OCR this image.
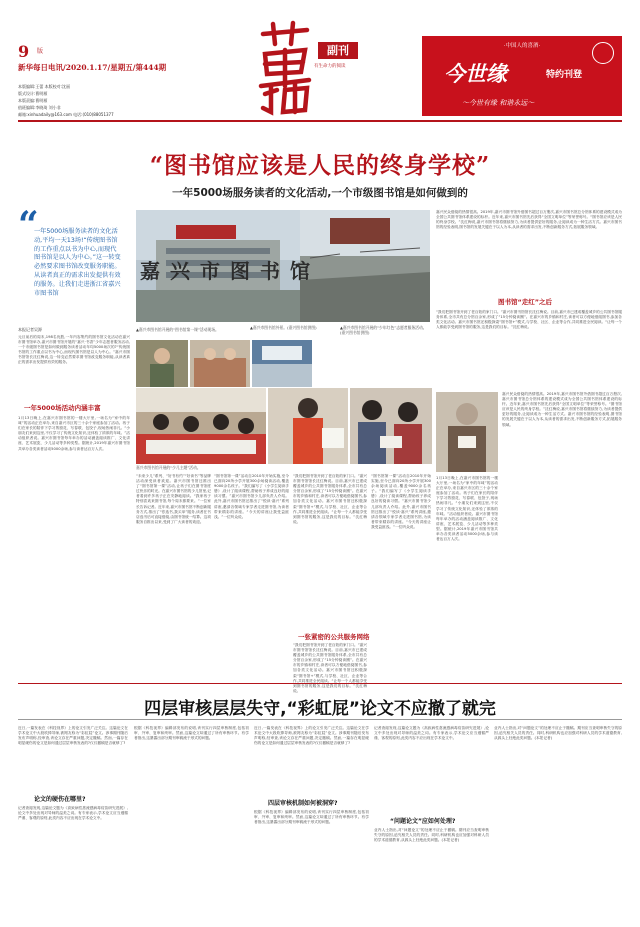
9 版
新华每日电讯/2020.1.17/星期五/第444期
本版编辑:王蕾 本版校对:沈丽
版式设计:曹明雁
本版责编:曹明雁
值班编辑:李晓琦 刘小非
邮箱:xinhuadaily@163.com 电话:(010)88051377
草地
副刊
有生命力的阅读
·中国人的喜酒·
今世缘	特约刊登
～今世有缘 和谐永远～
“图书馆应该是人民的终身学校”
一年5000场服务读者的文化活动,一个市级图书馆是如何做到的
“
一年5000场服务读者的文化活动,平均一天13场!“传统图书馆的工作重点以书为中心,而现代图书馆是以人为中心。”这一转变必然要求图书馆改变服务职能。从读者真正的需求出发提供有效的服务。让我们走进浙江省嘉兴市图书馆
本报记者吴源
元旦前后的周末,198名优胜,一年内容集约的图书馆文化活动在嘉兴市图书馆举办,嘉兴市图书馆开展的“嘉兴·书香”少年志愿者服务活动,一个市级图书馆是如何做到服务读者活动年均5000场次的?“传统图书馆的工作重点以书为中心,而现代图书馆是以人为中心。”嘉兴市图书馆馆长沈红梅说,这一转变必然要求图书馆改变服务职能,从读者真正的需求出发提供有效的服务。
一年5000场活动内涵丰富
1月13日晚上,在嘉兴市图书馆的一楼大厅里,一场名为“家中的年味”的活动正在举办,来自嘉兴市区的三十余个家庭参加了活动。孩子们在家长的陪伴下学习剪窗花、写春联、包饺子,现场热闹非凡。“小朋友们来到这里,不仅学习了传统文化知识,还体验了浓浓的年味。”活动组织者说。嘉兴市图书馆每年举办的活动涵盖阅读推广、文化讲座、艺术展览、少儿活动等多种类型。据统计,2019年嘉兴市图书馆共举办各类读者活动5000余场,参与读者达百万人次。
嘉兴市图书馆
▲嘉兴市图书馆开展的“图书馆第一课”活动现场。	▲嘉兴市图书馆外景。(嘉兴图书馆供图)	▲嘉兴市图书馆开展的“少年红色”志愿者服务活动。(嘉兴图书馆供图)
嘉兴市图书馆开展的“少儿主题”活动。
“未来少儿”系列、“好书有约”“好读书”等品牌活动深受读者欢迎。嘉兴市图书馆还推出了“图书馆第一课”活动,让孩子们在图书馆度过快乐的时光。在嘉兴市图书馆的少儿馆里,记者看到许多孩子正在安静地阅读。“我家孩子特别喜欢来图书馆,每个周末都要来。”一位家长告诉记者。近年来,嘉兴市图书馆不断创新服务方式,推出了“你选书,我买单”服务,读者在书店选书后可直接借阅,由图书馆统一结算。这项服务自推出以来,受到了广大读者的欢迎。
“图书馆第一课”活动自2010年开始实施,至今已面向20所小学开展300余场阅读活动,覆盖9000余名孩子。“我们编写了《小学生阅读手册》,设计了阅读课程,帮助孩子养成良好的阅读习惯。”嘉兴市图书馆少儿部负责人介绍。此外,嘉兴市图书馆还推出了“悦读·嘉兴”系列讲座,邀请各领域专家学者走进图书馆,为读者带来精彩的讲座。“今天的讲座让我受益匪浅。”一位听众说。
一张紧密的公共服务网络
“我们把图书馆开到了老百姓的家门口。”嘉兴市图书馆馆长沈红梅说。目前,嘉兴市已建成覆盖城乡的公共图书馆服务体系,全市共有总分馆百余家,形成了“15分钟阅读圈”。在嘉兴市的乡镇和村庄,读者可以方便地借阅图书,参加各类文化活动。嘉兴市图书馆还积极探索“图书馆+”模式,与学校、社区、企业等合作,共同推进全民阅读。“让每一个人都能享受到图书馆的服务,这是我们的目标。”沈红梅说。
“我们把图书馆开到了老百姓的家门口。”嘉兴市图书馆馆长沈红梅说。目前,嘉兴市已建成覆盖城乡的公共图书馆服务体系,全市共有总分馆百余家,形成了“15分钟阅读圈”。在嘉兴市的乡镇和村庄,读者可以方便地借阅图书,参加各类文化活动。嘉兴市图书馆还积极探索“图书馆+”模式,与学校、社区、企业等合作,共同推进全民阅读。“让每一个人都能享受到图书馆的服务,这是我们的目标。”沈红梅说。
“图书馆第一课”活动自2010年开始实施,至今已面向20所小学开展300余场阅读活动,覆盖9000余名孩子。“我们编写了《小学生阅读手册》,设计了阅读课程,帮助孩子养成良好的阅读习惯。”嘉兴市图书馆少儿部负责人介绍。此外,嘉兴市图书馆还推出了“悦读·嘉兴”系列讲座,邀请各领域专家学者走进图书馆,为读者带来精彩的讲座。“今天的讲座让我受益匪浅。”一位听众说。
嘉兴民众借阅的热情很高。2019年,嘉兴市图书馆外借图书超过百万册次,嘉兴市图书馆总分馆体系的建设模式成为全国公共图书馆体系建设的标杆。近年来,嘉兴市图书馆先后获得“全国文明单位”等荣誉称号。“图书馆应该是人民的终身学校。”沈红梅说,嘉兴市图书馆将继续努力,为读者提供更好的服务,让阅读成为一种生活方式。嘉兴市图书馆的经验表明,图书馆的发展关键在于以人为本,从读者的需求出发,不断创新服务方式,拓展服务领域。
图书馆“走红”之后
“我们把图书馆开到了老百姓的家门口。”嘉兴市图书馆馆长沈红梅说。目前,嘉兴市已建成覆盖城乡的公共图书馆服务体系,全市共有总分馆百余家,形成了“15分钟阅读圈”。在嘉兴市的乡镇和村庄,读者可以方便地借阅图书,参加各类文化活动。嘉兴市图书馆还积极探索“图书馆+”模式,与学校、社区、企业等合作,共同推进全民阅读。“让每一个人都能享受到图书馆的服务,这是我们的目标。”沈红梅说。
嘉兴民众借阅的热情很高。2019年,嘉兴市图书馆外借图书超过百万册次,嘉兴市图书馆总分馆体系的建设模式成为全国公共图书馆体系建设的标杆。近年来,嘉兴市图书馆先后获得“全国文明单位”等荣誉称号。“图书馆应该是人民的终身学校。”沈红梅说,嘉兴市图书馆将继续努力,为读者提供更好的服务,让阅读成为一种生活方式。嘉兴市图书馆的经验表明,图书馆的发展关键在于以人为本,从读者的需求出发,不断创新服务方式,拓展服务领域。
1月13日晚上,在嘉兴市图书馆的一楼大厅里,一场名为“家中的年味”的活动正在举办,来自嘉兴市区的三十余个家庭参加了活动。孩子们在家长的陪伴下学习剪窗花、写春联、包饺子,现场热闹非凡。“小朋友们来到这里,不仅学习了传统文化知识,还体验了浓浓的年味。”活动组织者说。嘉兴市图书馆每年举办的活动涵盖阅读推广、文化讲座、艺术展览、少儿活动等多种类型。据统计,2019年嘉兴市图书馆共举办各类读者活动5000余场,参与读者达百万人次。
四层审核层层失守,“彩虹屁”论文不应撤了就完
近日,一篇发表在《科技视界》上的论文引发广泛关注。这篇论文在学术论文中大段吹捧导师,被网友称为“彩虹屁”论文。涉事期刊随后发布声明称,经审查,该论文存在严重问题,决定撤稿。然而,一篇存在明显硬伤的论文是如何通过层层审核发表的?仅仅撤稿是否就够了?
论文的硬伤在哪里?
记者查阅发现,这篇论文题为《高致病性禽流感病毒疫苗研究进展》,论文中多处出现对导师的溢美之词。有专家表示,学术论文应当遵循严谨、客观的原则,此类内容不应出现在学术论文中。
根据《科技视界》编辑部发布的说明,该刊实行四层审核制度,包括初审、外审、复审和终审。然而,这篇论文却通过了所有审核环节。有学者指出,这暴露出部分期刊审稿流于形式的问题。
近日,一篇发表在《科技视界》上的论文引发广泛关注。这篇论文在学术论文中大段吹捧导师,被网友称为“彩虹屁”论文。涉事期刊随后发布声明称,经审查,该论文存在严重问题,决定撤稿。然而,一篇存在明显硬伤的论文是如何通过层层审核发表的?仅仅撤稿是否就够了?
四层审核机制如何被洞穿?
根据《科技视界》编辑部发布的说明,该刊实行四层审核制度,包括初审、外审、复审和终审。然而,这篇论文却通过了所有审核环节。有学者指出,这暴露出部分期刊审稿流于形式的问题。
记者查阅发现,这篇论文题为《高致病性禽流感病毒疫苗研究进展》,论文中多处出现对导师的溢美之词。有专家表示,学术论文应当遵循严谨、客观的原则,此类内容不应出现在学术论文中。
“问题论文”应如何处理?
业内人士指出,对“问题论文”的处理不应止于撤稿。期刊应当查明审核失守的原因,追究相关人员的责任。同时,科研机构也应加强对科研人员的学术道德教育,从源头上杜绝此类问题。(本报记者)
业内人士指出,对“问题论文”的处理不应止于撤稿。期刊应当查明审核失守的原因,追究相关人员的责任。同时,科研机构也应加强对科研人员的学术道德教育,从源头上杜绝此类问题。(本报记者)
